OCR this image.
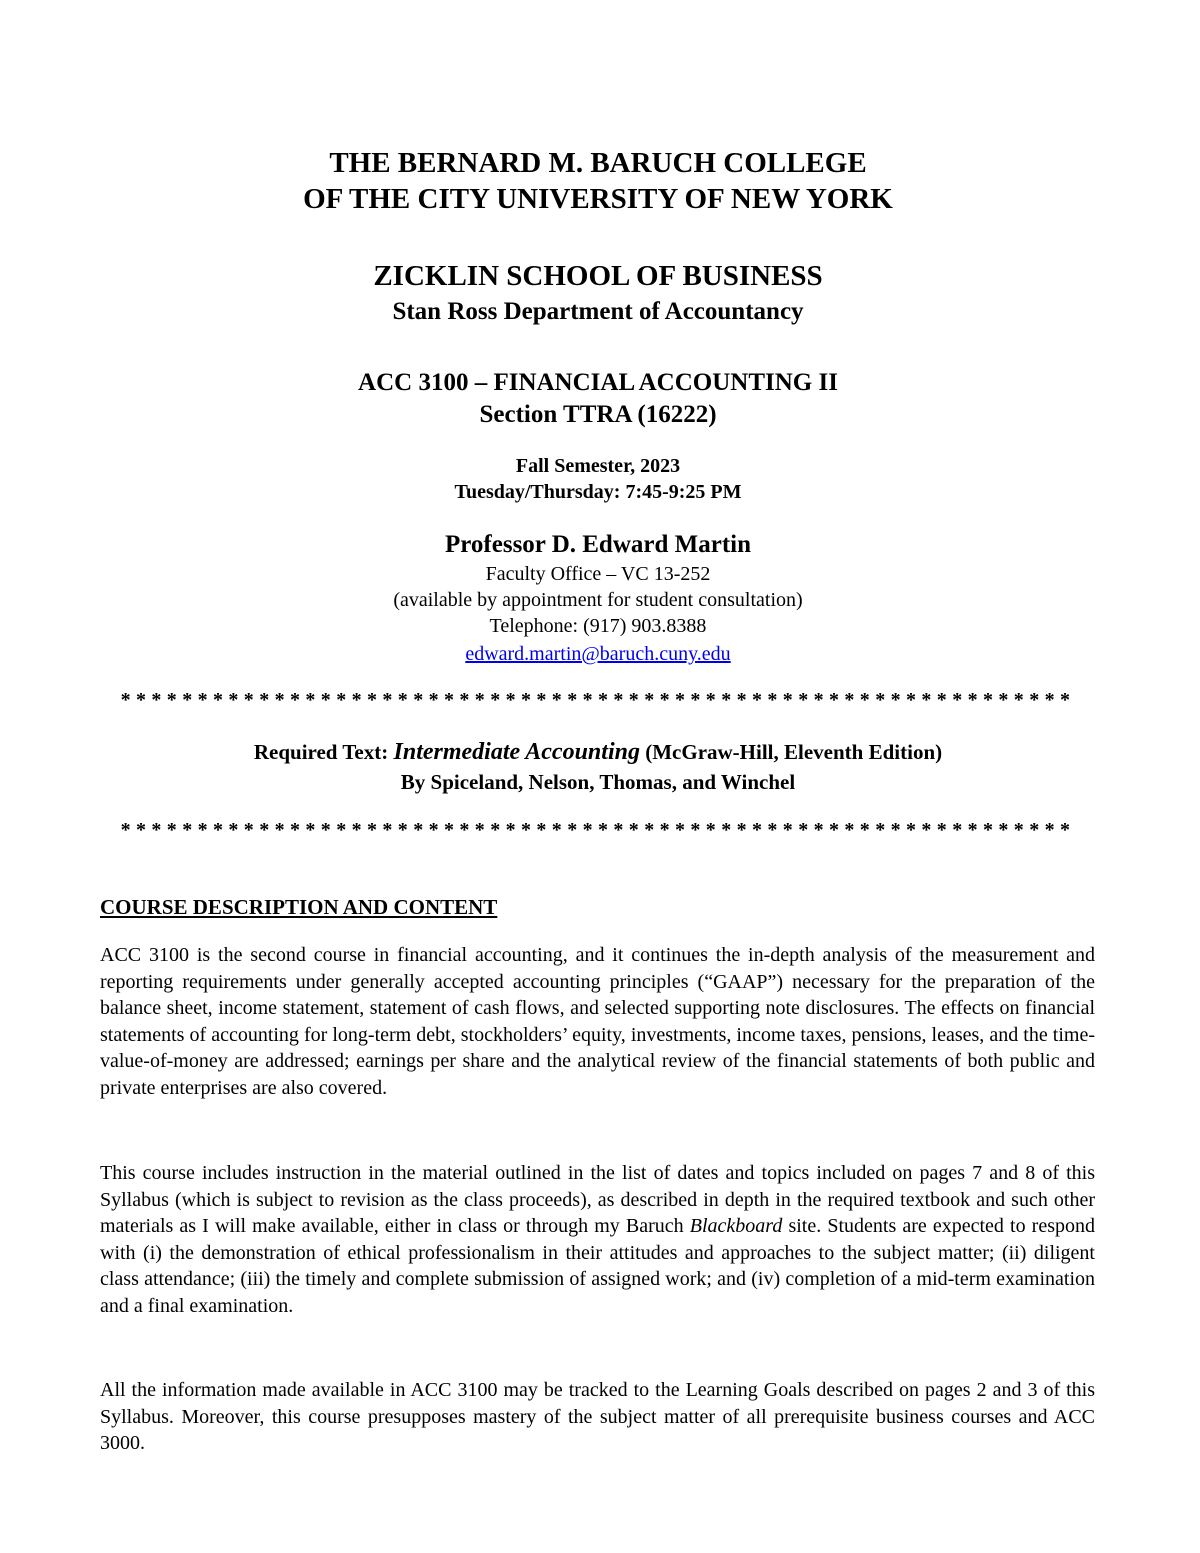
THE BERNARD M. BARUCH COLLEGE

OF THE CITY UNIVERSITY OF NEW YORK

ZICKLIN SCHOOL OF BUSINESS

Stan Ross Department of Accountancy

ACC 3100 – FINANCIAL ACCOUNTING II

Section TTRA (16222)

Fall Semester, 2023

Tuesday/Thursday: 7:45-9:25 PM

Professor D. Edward Martin

Faculty Office – VC 13-252

(available by appointment for student consultation)

Telephone: (917) 903.8388

edward.martin@baruch.cuny.edu

**************************************************************

Required Text: Intermediate Accounting (McGraw-Hill, Eleventh Edition)

By Spiceland, Nelson, Thomas, and Winchel

**************************************************************

COURSE DESCRIPTION AND CONTENT

ACC 3100 is the second course in financial accounting, and it continues the in-depth analysis of the measurement and reporting requirements under generally accepted accounting principles (“GAAP”) necessary for the preparation of the balance sheet, income statement, statement of cash flows, and selected supporting note disclosures. The effects on financial statements of accounting for long-term debt, stockholders’ equity, investments, income taxes, pensions, leases, and the time-value-of-money are addressed; earnings per share and the analytical review of the financial statements of both public and private enterprises are also covered.

This course includes instruction in the material outlined in the list of dates and topics included on pages 7 and 8 of this Syllabus (which is subject to revision as the class proceeds), as described in depth in the required textbook and such other materials as I will make available, either in class or through my Baruch Blackboard site. Students are expected to respond with (i) the demonstration of ethical professionalism in their attitudes and approaches to the subject matter; (ii) diligent class attendance; (iii) the timely and complete submission of assigned work; and (iv) completion of a mid-term examination and a final examination.

All the information made available in ACC 3100 may be tracked to the Learning Goals described on pages 2 and 3 of this Syllabus. Moreover, this course presupposes mastery of the subject matter of all prerequisite business courses and ACC 3000.
